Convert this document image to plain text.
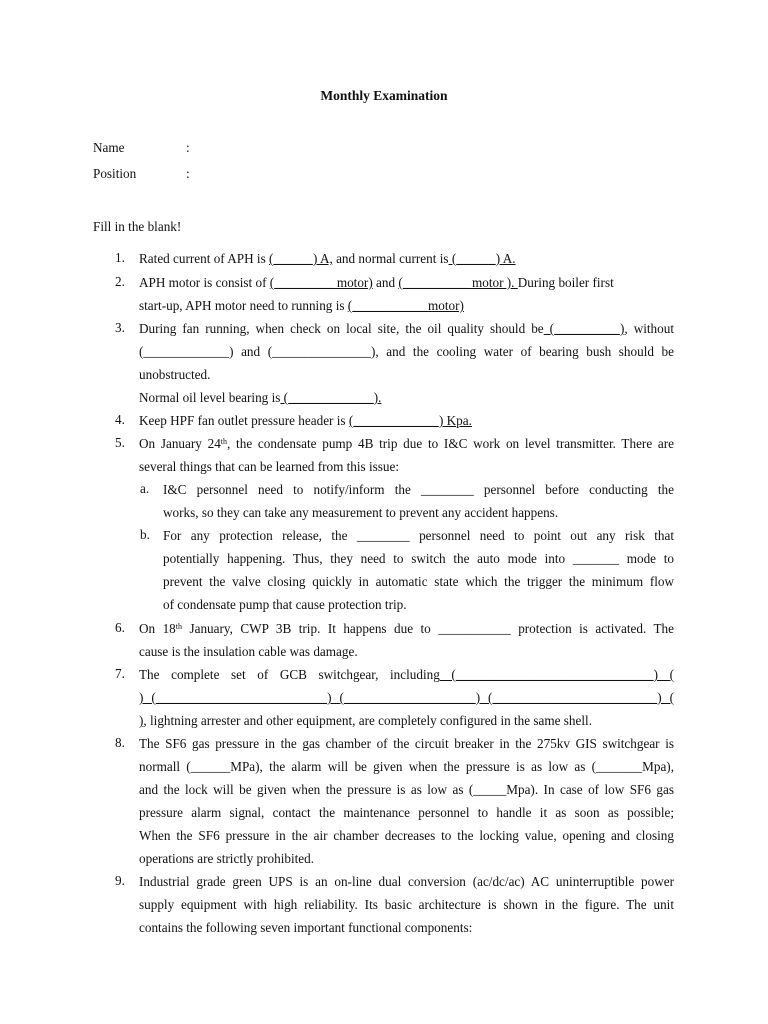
Monthly Examination
Name	:
Position	:
Fill in the blank!
1.	Rated current of APH is (______) A, and normal current is (______) A.
2.	APH motor is consist of (_________ motor) and (__________ motor ). During boiler first
start-up, APH motor need to running is (___________ motor)
3.	During fan running, when check on local site, the oil quality should be (__________), without
(_____________) and (_______________), and the cooling water of bearing bush should be
unobstructed.
Normal oil level bearing is (_____________).
4.	Keep HPF fan outlet pressure header is (_____________) Kpa.
5.	On January 24th, the condensate pump 4B trip due to I&C work on level transmitter. There are
several things that can be learned from this issue:
a.	I&C personnel need to notify/inform the ________ personnel before conducting the
works, so they can take any measurement to prevent any accident happens.
b. For any protection release, the ________ personnel need to point out any risk that
potentially happening. Thus, they need to switch the auto mode into _______ mode to
prevent the valve closing quickly in automatic state which the trigger the minimum flow
of condensate pump that cause protection trip.
6.	On 18th January, CWP 3B trip. It happens due to ___________ protection is activated. The
cause is the insulation cable was damage.
7.	The complete set of GCB switchgear, including (______________________________) (
) (__________________________) (____________________) (_________________________) (
), lightning arrester and other equipment, are completely configured in the same shell.
8.	The SF6 gas pressure in the gas chamber of the circuit breaker in the 275kv GIS switchgear is
normall (______MPa), the alarm will be given when the pressure is as low as (_______Mpa),
and the lock will be given when the pressure is as low as (_____Mpa). In case of low SF6 gas
pressure alarm signal, contact the maintenance personnel to handle it as soon as possible;
When the SF6 pressure in the air chamber decreases to the locking value, opening and closing
operations are strictly prohibited.
9.	Industrial grade green UPS is an on-line dual conversion (ac/dc/ac) AC uninterruptible power
supply equipment with high reliability. Its basic architecture is shown in the figure. The unit
contains the following seven important functional components:
